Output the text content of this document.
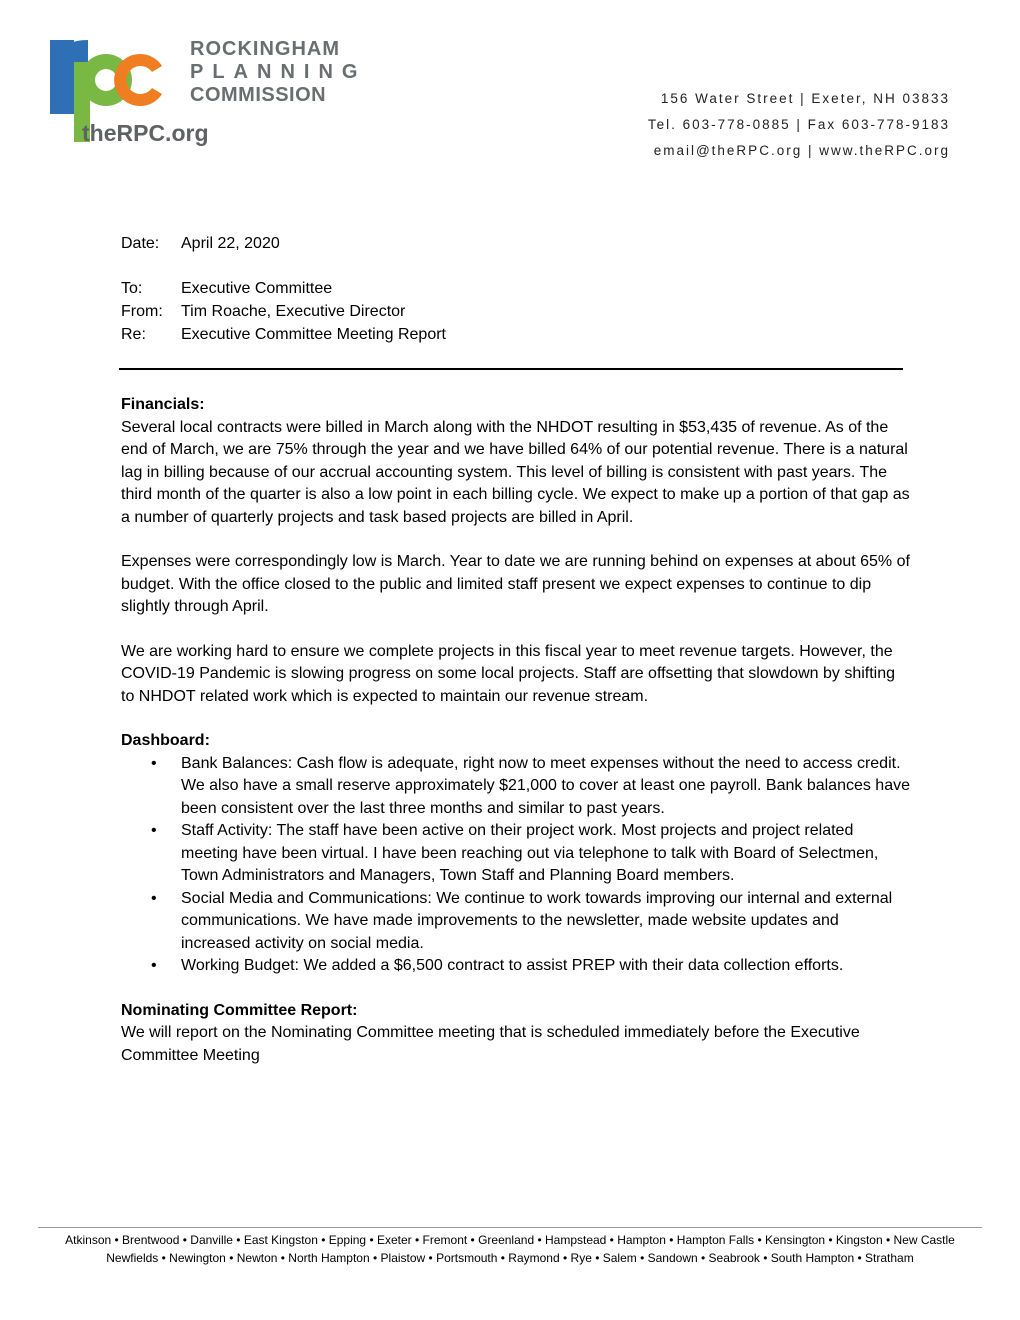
ROCKINGHAM
PLANNING
COMMISSION
theRPC.org
156 Water Street | Exeter, NH 03833
Tel. 603-778-0885 | Fax 603-778-9183
email@theRPC.org | www.theRPC.org
Date:	April 22, 2020
To:	Executive Committee
From:	Tim Roache, Executive Director
Re:	Executive Committee Meeting Report
Financials:

Several local contracts were billed in March along with the NHDOT resulting in $53,435 of revenue. As of the end of March, we are 75% through the year and we have billed 64% of our potential revenue. There is a natural lag in billing because of our accrual accounting system. This level of billing is consistent with past years. The third month of the quarter is also a low point in each billing cycle. We expect to make up a portion of that gap as a number of quarterly projects and task based projects are billed in April.

Expenses were correspondingly low is March. Year to date we are running behind on expenses at about 65% of budget. With the office closed to the public and limited staff present we expect expenses to continue to dip slightly through April.

We are working hard to ensure we complete projects in this fiscal year to meet revenue targets. However, the COVID-19 Pandemic is slowing progress on some local projects. Staff are offsetting that slowdown by shifting to NHDOT related work which is expected to maintain our revenue stream.

Dashboard:
• Bank Balances: Cash flow is adequate, right now to meet expenses without the need to access credit. We also have a small reserve approximately $21,000 to cover at least one payroll. Bank balances have been consistent over the last three months and similar to past years.
• Staff Activity: The staff have been active on their project work. Most projects and project related meeting have been virtual. I have been reaching out via telephone to talk with Board of Selectmen, Town Administrators and Managers, Town Staff and Planning Board members.
• Social Media and Communications: We continue to work towards improving our internal and external communications. We have made improvements to the newsletter, made website updates and increased activity on social media.
• Working Budget: We added a $6,500 contract to assist PREP with their data collection efforts.
Nominating Committee Report:

We will report on the Nominating Committee meeting that is scheduled immediately before the Executive Committee Meeting

Atkinson • Brentwood • Danville • East Kingston • Epping • Exeter • Fremont • Greenland • Hampstead • Hampton • Hampton Falls • Kensington • Kingston • New Castle Newfields • Newington • Newton • North Hampton • Plaistow • Portsmouth • Raymond • Rye • Salem • Sandown • Seabrook • South Hampton • Stratham
